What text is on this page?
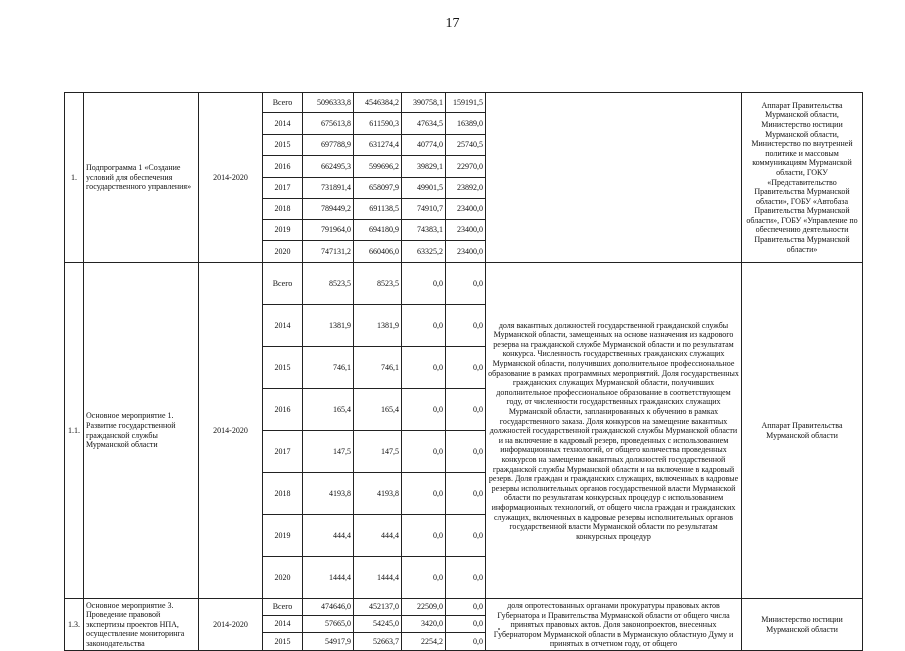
17
1.	Подпрограмма 1 «Создание условий для обеспечения государственного управления»	2014-2020	Всего	5096333,8	4546384,2	390758,1	159191,5		Аппарат Правительства Мурманской области, Министерство юстиции Мурманской области, Министерство по внутренней политике и массовым коммуникациям Мурманской области, ГОКУ «Представительство Правительства Мурманской области», ГОБУ «Автобаза Правительства Мурманской области», ГОБУ «Управление по обеспечению деятельности Правительства Мурманской области»
			2014	675613,8	611590,3	47634,5	16389,0		
			2015	697788,9	631274,4	40774,0	25740,5		
			2016	662495,3	599696,2	39829,1	22970,0		
			2017	731891,4	658097,9	49901,5	23892,0		
			2018	789449,2	691138,5	74910,7	23400,0		
			2019	791964,0	694180,9	74383,1	23400,0		
			2020	747131,2	660406,0	63325,2	23400,0		
1.1.	Основное мероприятие 1. Развитие государственной гражданской службы Мурманской области	2014-2020	Всего	8523,5	8523,5	0,0	0,0	доля вакантных должностей государственной гражданской службы Мурманской области, замещенных на основе назначения из кадрового резерва на гражданской службе Мурманской области и по результатам конкурса. Численность государственных гражданских служащих Мурманской области, получивших дополнительное профессиональное образование в рамках программных мероприятий. Доля государственных гражданских служащих Мурманской области, получивших дополнительное профессиональное образование в соответствующем году, от численности государственных гражданских служащих Мурманской области, запланированных к обучению в рамках государственного заказа. Доля конкурсов на замещение вакантных должностей государственной гражданской службы Мурманской области и на включение в кадровый резерв, проведенных с использованием информационных технологий, от общего количества проведенных конкурсов на замещение вакантных должностей государственной гражданской службы Мурманской области и на включение в кадровый резерв. Доля граждан и гражданских служащих, включенных в кадровые резервы исполнительных органов государственной власти Мурманской области по результатам конкурсных процедур с использованием информационных технологий, от общего числа граждан и гражданских служащих, включенных в кадровые резервы исполнительных органов государственной власти Мурманской области по результатам конкурсных процедур	Аппарат Правительства Мурманской области
			2014	1381,9	1381,9	0,0	0,0		
			2015	746,1	746,1	0,0	0,0		
			2016	165,4	165,4	0,0	0,0		
			2017	147,5	147,5	0,0	0,0		
			2018	4193,8	4193,8	0,0	0,0		
			2019	444,4	444,4	0,0	0,0		
			2020	1444,4	1444,4	0,0	0,0		
1.3.	Основное мероприятие 3. Проведение правовой экспертизы проектов НПА, осуществление мониторинга законодательства	2014-2020	Всего	474646,0	452137,0	22509,0	0,0	доля опротестованных органами прокуратуры правовых актов Губернатора и Правительства Мурманской области от общего числа принятых правовых актов. Доля законопроектов, внесенных Губернатором Мурманской области в Мурманскую областную Думу и принятых в отчетном году, от общего	Министерство юстиции Мурманской области
			2014	57665,0	54245,0	3420,0	0,0		
			2015	54917,9	52663,7	2254,2	0,0		
